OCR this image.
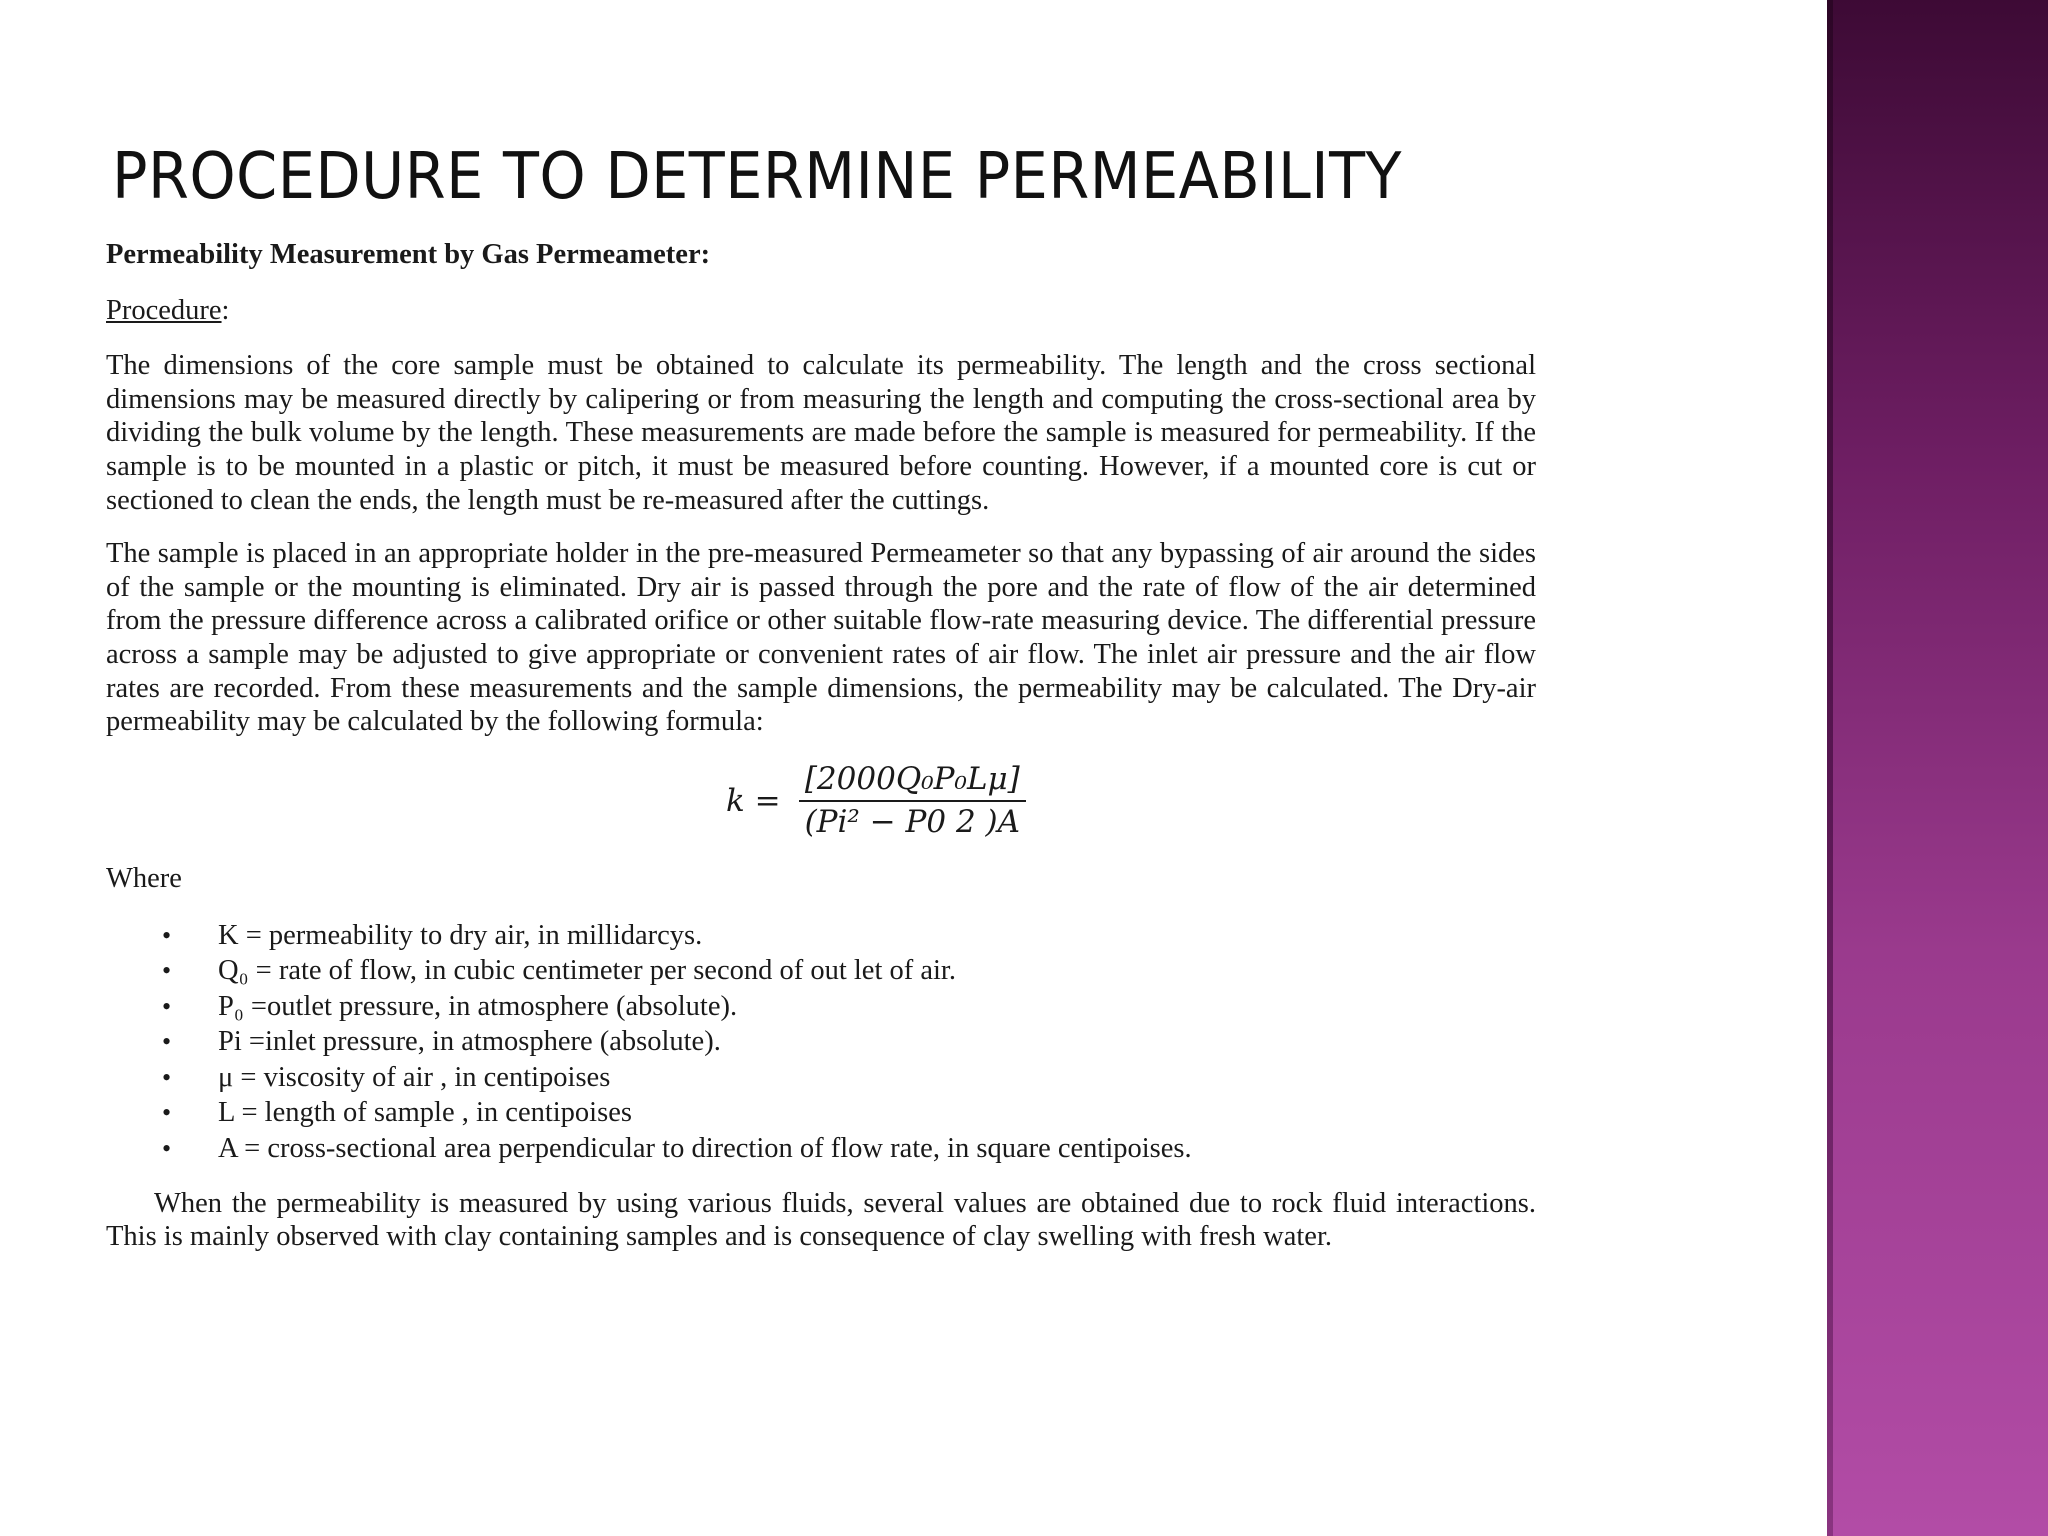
PROCEDURE TO DETERMINE PERMEABILITY

Permeability Measurement by Gas Permeameter:

Procedure:

The dimensions of the core sample must be obtained to calculate its permeability. The length and the cross sectional dimensions may be measured directly by calipering or from measuring the length and computing the cross-sectional area by dividing the bulk volume by the length. These measurements are made before the sample is measured for permeability. If the sample is to be mounted in a plastic or pitch, it must be measured before counting. However, if a mounted core is cut or sectioned to clean the ends, the length must be re-measured after the cuttings.

The sample is placed in an appropriate holder in the pre-measured Permeameter so that any bypassing of air around the sides of the sample or the mounting is eliminated. Dry air is passed through the pore and the rate of flow of the air determined from the pressure difference across a calibrated orifice or other suitable flow-rate measuring device. The differential pressure across a sample may be adjusted to give appropriate or convenient rates of air flow. The inlet air pressure and the air flow rates are recorded. From these measurements and the sample dimensions, the permeability may be calculated. The Dry-air permeability may be calculated by the following formula:

$k = \frac{\text{[2000Q₀P₀Lμ]}}{\text{(Pi² − P0 2 )A}}$

Where

• K = permeability to dry air, in millidarcys.
• Q₀ = rate of flow, in cubic centimeter per second of out let of air.
• P₀ =outlet pressure, in atmosphere (absolute).
• Pi =inlet pressure, in atmosphere (absolute).
• μ = viscosity of air , in centipoises
• L = length of sample , in centipoises
• A = cross-sectional area perpendicular to direction of flow rate, in square centipoises.

When the permeability is measured by using various fluids, several values are obtained due to rock fluid interactions. This is mainly observed with clay containing samples and is consequence of clay swelling with fresh water.
